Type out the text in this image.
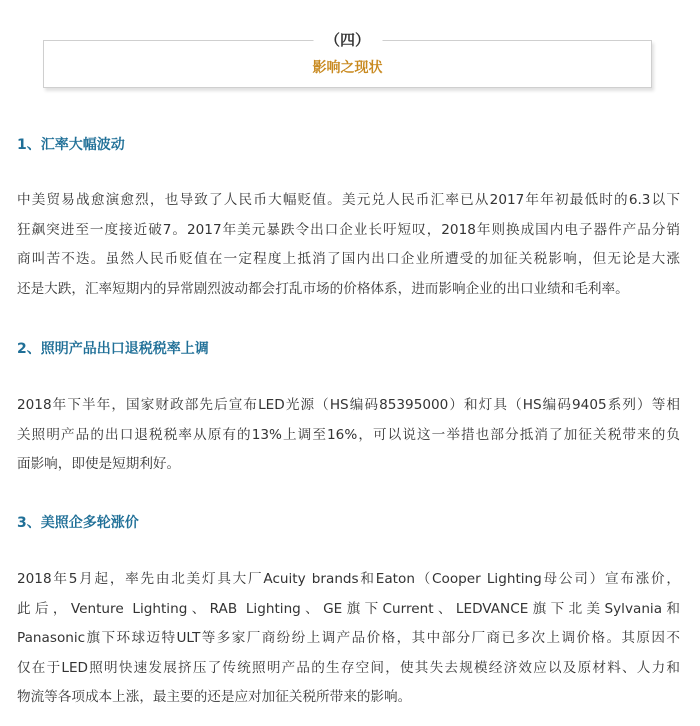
（四）
影响之现状
1、汇率大幅波动
中美贸易战愈演愈烈，也导致了人民币大幅贬值。美元兑人民币汇率已从2017年年初最低时的6.3以下
狂飙突进至一度接近破7。2017年美元暴跌令出口企业长吁短叹，2018年则换成国内电子器件产品分销
商叫苦不迭。虽然人民币贬值在一定程度上抵消了国内出口企业所遭受的加征关税影响，但无论是大涨
还是大跌，汇率短期内的异常剧烈波动都会打乱市场的价格体系，进而影响企业的出口业绩和毛利率。
2、照明产品出口退税税率上调
2018年下半年，国家财政部先后宣布LED光源（HS编码85395000）和灯具（HS编码9405系列）等相
关照明产品的出口退税税率从原有的13%上调至16%，可以说这一举措也部分抵消了加征关税带来的负
面影响，即使是短期利好。
3、美照企多轮涨价
2018年5月起，率先由北美灯具大厂Acuity brands和Eaton（Cooper Lighting母公司）宣布涨价，
此后，Venture Lighting、RAB Lighting、GE旗下Current、LEDVANCE旗下北美Sylvania和
Panasonic旗下环球迈特ULT等多家厂商纷纷上调产品价格，其中部分厂商已多次上调价格。其原因不
仅在于LED照明快速发展挤压了传统照明产品的生存空间，使其失去规模经济效应以及原材料、人力和
物流等各项成本上涨，最主要的还是应对加征关税所带来的影响。
